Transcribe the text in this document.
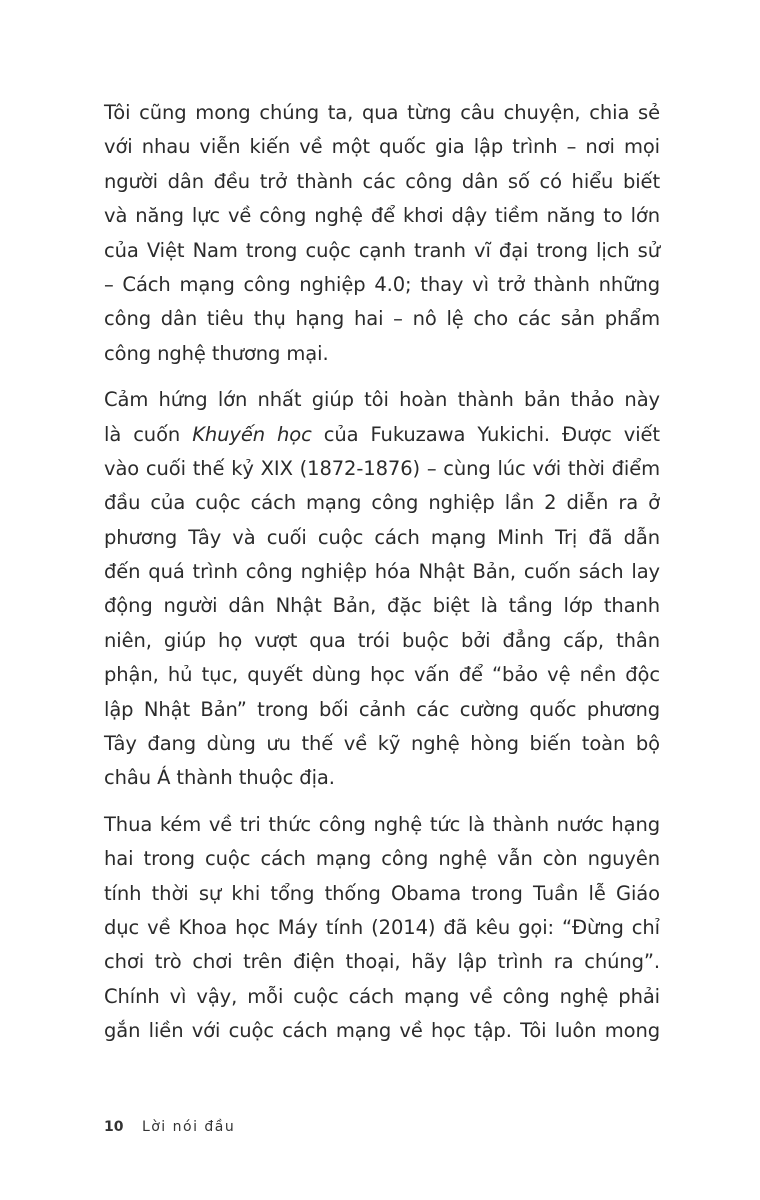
Tôi cũng mong chúng ta, qua từng câu chuyện, chia sẻ
với nhau viễn kiến về một quốc gia lập trình – nơi mọi
người dân đều trở thành các công dân số có hiểu biết
và năng lực về công nghệ để khơi dậy tiềm năng to lớn
của Việt Nam trong cuộc cạnh tranh vĩ đại trong lịch sử
– Cách mạng công nghiệp 4.0; thay vì trở thành những
công dân tiêu thụ hạng hai – nô lệ cho các sản phẩm
công nghệ thương mại.

Cảm hứng lớn nhất giúp tôi hoàn thành bản thảo này
là cuốn Khuyến học của Fukuzawa Yukichi. Được viết
vào cuối thế kỷ XIX (1872-1876) – cùng lúc với thời điểm
đầu của cuộc cách mạng công nghiệp lần 2 diễn ra ở
phương Tây và cuối cuộc cách mạng Minh Trị đã dẫn
đến quá trình công nghiệp hóa Nhật Bản, cuốn sách lay
động người dân Nhật Bản, đặc biệt là tầng lớp thanh
niên, giúp họ vượt qua trói buộc bởi đẳng cấp, thân
phận, hủ tục, quyết dùng học vấn để “bảo vệ nền độc
lập Nhật Bản” trong bối cảnh các cường quốc phương
Tây đang dùng ưu thế về kỹ nghệ hòng biến toàn bộ
châu Á thành thuộc địa.

Thua kém về tri thức công nghệ tức là thành nước hạng
hai trong cuộc cách mạng công nghệ vẫn còn nguyên
tính thời sự khi tổng thống Obama trong Tuần lễ Giáo
dục về Khoa học Máy tính (2014) đã kêu gọi: “Đừng chỉ
chơi trò chơi trên điện thoại, hãy lập trình ra chúng”.
Chính vì vậy, mỗi cuộc cách mạng về công nghệ phải
gắn liền với cuộc cách mạng về học tập. Tôi luôn mong

10 Lời nói đầu
